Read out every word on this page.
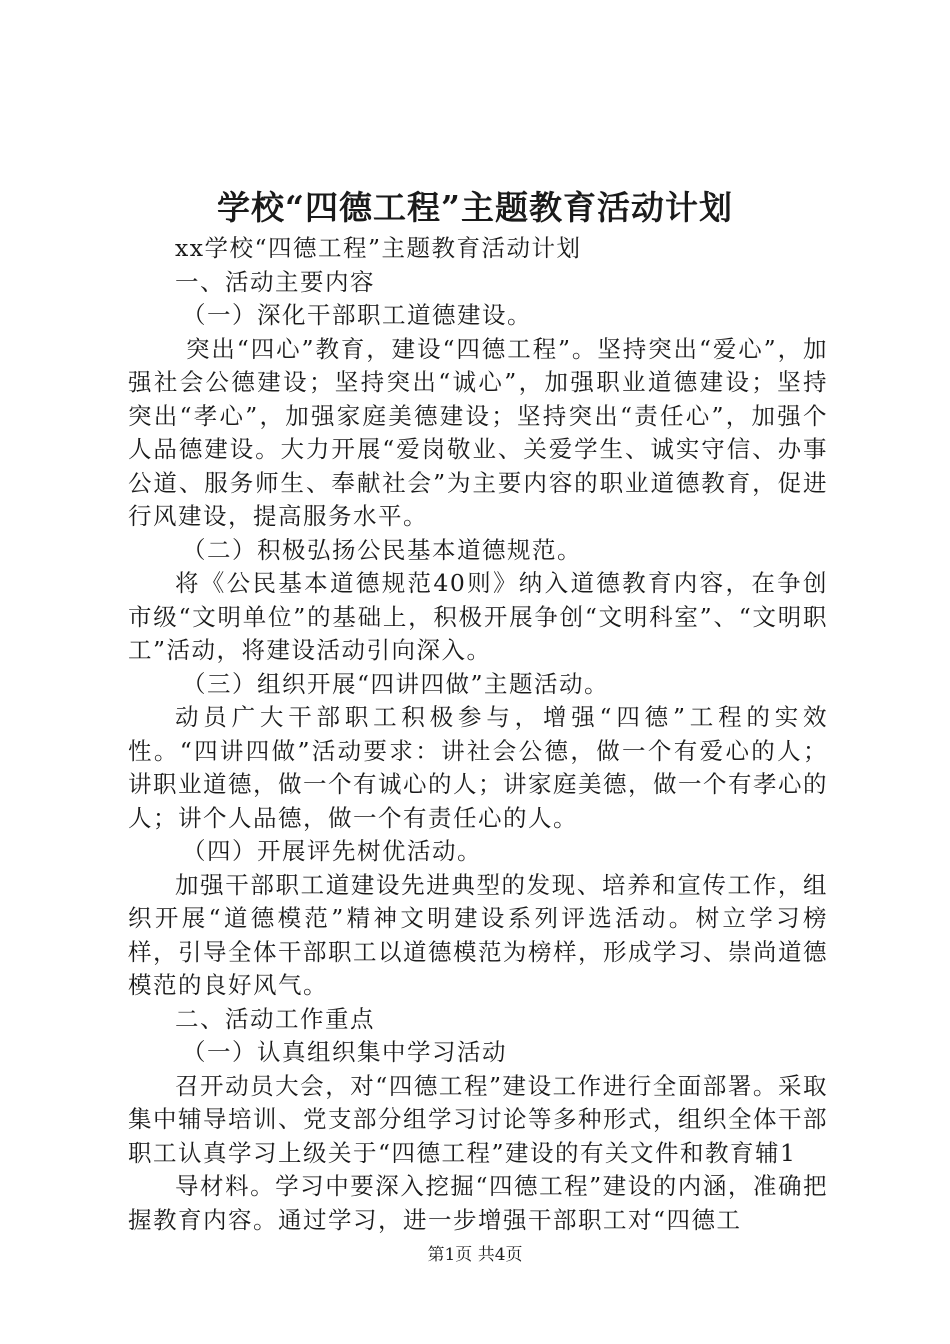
学校“四德工程”主题教育活动计划

xx学校“四德工程”主题教育活动计划

一、活动主要内容

（一）深化干部职工道德建设。

突出“四心”教育，建设“四德工程”。坚持突出“爱心”，加强社会公德建设；坚持突出“诚心”，加强职业道德建设；坚持突出“孝心”，加强家庭美德建设；坚持突出“责任心”，加强个人品德建设。大力开展“爱岗敬业、关爱学生、诚实守信、办事公道、服务师生、奉献社会”为主要内容的职业道德教育，促进行风建设，提高服务水平。

（二）积极弘扬公民基本道德规范。

将《公民基本道德规范40则》纳入道德教育内容，在争创市级“文明单位”的基础上，积极开展争创“文明科室”、“文明职工”活动，将建设活动引向深入。

（三）组织开展“四讲四做”主题活动。

动员广大干部职工积极参与，增强“四德”工程的实效性。“四讲四做”活动要求：讲社会公德，做一个有爱心的人；讲职业道德，做一个有诚心的人；讲家庭美德，做一个有孝心的人；讲个人品德，做一个有责任心的人。

（四）开展评先树优活动。

加强干部职工道建设先进典型的发现、培养和宣传工作，组织开展“道德模范”精神文明建设系列评选活动。树立学习榜样，引导全体干部职工以道德模范为榜样，形成学习、崇尚道德模范的良好风气。

二、活动工作重点

（一）认真组织集中学习活动

召开动员大会，对“四德工程”建设工作进行全面部署。采取集中辅导培训、党支部分组学习讨论等多种形式，组织全体干部职工认真学习上级关于“四德工程”建设的有关文件和教育辅1

导材料。学习中要深入挖掘“四德工程”建设的内涵，准确把握教育内容。通过学习，进一步增强干部职工对“四德工

第1页 共4页
